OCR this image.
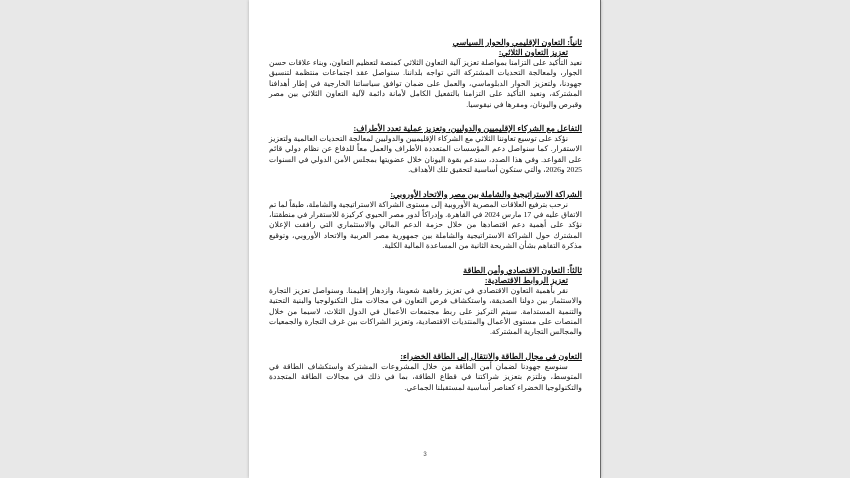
ثانياً: التعاون الإقليمي والحوار السياسي

تعزيز التعاون الثلاثي:

نعيد التأكيد على التزامنا بمواصلة تعزيز آلية التعاون الثلاثي كمنصة لتعظيم التعاون، وبناء علاقات حسن الجوار، ولمعالجة التحديات المشتركة التي تواجه بلداننا. سنواصل عقد اجتماعات منتظمة لتنسيق جهودنا، ولتعزيز الحوار الدبلوماسي، والعمل على ضمان توافق سياساتنا الخارجية في إطار أهدافنا المشتركة، ونعيد التأكيد على التزامنا بالتفعيل الكامل لأمانة دائمة لآلية التعاون الثلاثي بين مصر وقبرص واليونان، ومقرها في نيقوسيا.

التفاعل مع الشركاء الإقليميين والدوليين، وتعزيز عملية تعدد الأطراف:

نؤكد على توسيع تعاوننا الثلاثي مع الشركاء الإقليميين والدوليين لمعالجة التحديات العالمية ولتعزيز الاستقرار. كما سنواصل دعم المؤسسات المتعددة الأطراف والعمل معاً للدفاع عن نظام دولي قائم على القواعد. وفي هذا الصدد، سندعم بقوة اليونان خلال عضويتها بمجلس الأمن الدولي في السنوات 2025 و2026، والتي ستكون أساسية لتحقيق تلك الأهداف.

الشراكة الاستراتيجية والشاملة بين مصر والاتحاد الأوروبي:

نرحب بترفيع العلاقات المصرية الأوروبية إلى مستوى الشراكة الاستراتيجية والشاملة، طبقاً لما تم الاتفاق عليه في 17 مارس 2024 في القاهرة. وإدراكاً لدور مصر الحيوي كركيزة للاستقرار في منطقتنا، نؤكد على أهمية دعم اقتصادها من خلال حزمة الدعم المالي والاستثماري التي رافقت الإعلان المشترك حول الشراكة الاستراتيجية والشاملة بين جمهورية مصر العربية والاتحاد الأوروبي، وتوقيع مذكرة التفاهم بشأن الشريحة الثانية من المساعدة المالية الكلية.

ثالثاً: التعاون الاقتصادي وأمن الطاقة

تعزيز الروابط الاقتصادية:

نقر بأهمية التعاون الاقتصادي في تعزيز رفاهية شعوبنا، وازدهار إقليمنا. وسنواصل تعزيز التجارة والاستثمار بين دولنا الصديقة، واستكشاف فرص التعاون في مجالات مثل التكنولوجيا والبنية التحتية والتنمية المستدامة. سيتم التركيز على ربط مجتمعات الأعمال في الدول الثلاث، لاسيما من خلال المنصات على مستوى الأعمال والمنتديات الاقتصادية، وتعزيز الشراكات بين غرف التجارة والجمعيات والمجالس التجارية المشتركة.

التعاون في مجال الطاقة والانتقال إلى الطاقة الخضراء:

سنوسع جهودنا لضمان أمن الطاقة من خلال المشروعات المشتركة واستكشاف الطاقة في المتوسط، ونلتزم بتعزيز شراكتنا في قطاع الطاقة، بما في ذلك في مجالات الطاقة المتجددة والتكنولوجيا الخضراء كعناصر أساسية لمستقبلنا الجماعي.

3
